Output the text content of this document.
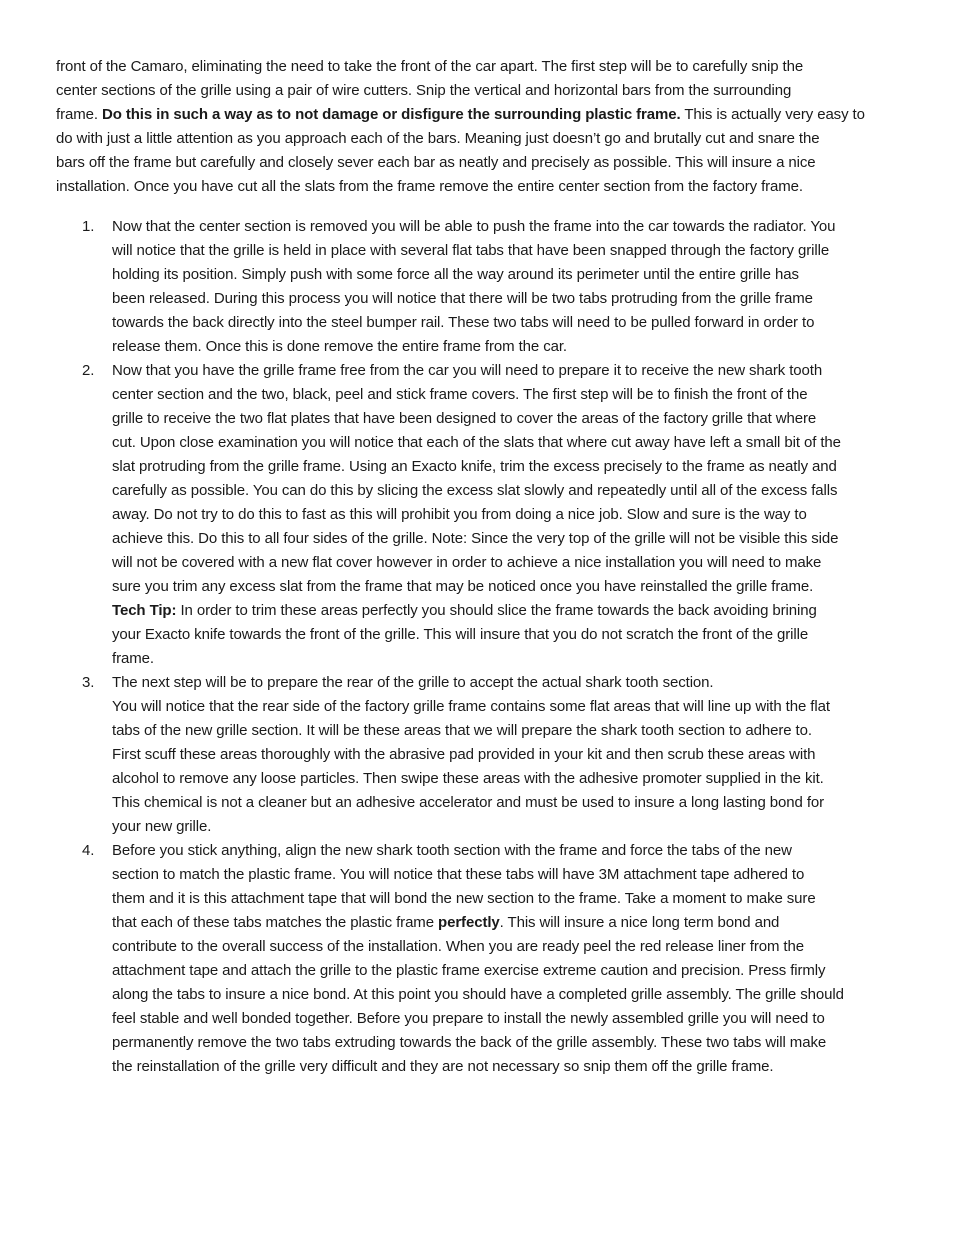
front of the Camaro, eliminating the need to take the front of the car apart. The first step will be to carefully snip the
center sections of the grille using a pair of wire cutters. Snip the vertical and horizontal bars from the surrounding
frame. Do this in such a way as to not damage or disfigure the surrounding plastic frame. This is actually very easy to
do with just a little attention as you approach each of the bars. Meaning just doesn’t go and brutally cut and snare the
bars off the frame but carefully and closely sever each bar as neatly and precisely as possible. This will insure a nice
installation. Once you have cut all the slats from the frame remove the entire center section from the factory frame.
1. Now that the center section is removed you will be able to push the frame into the car towards the radiator. You
will notice that the grille is held in place with several flat tabs that have been snapped through the factory grille
holding its position. Simply push with some force all the way around its perimeter until the entire grille has
been released. During this process you will notice that there will be two tabs protruding from the grille frame
towards the back directly into the steel bumper rail. These two tabs will need to be pulled forward in order to
release them. Once this is done remove the entire frame from the car.
2. Now that you have the grille frame free from the car you will need to prepare it to receive the new shark tooth
center section and the two, black, peel and stick frame covers. The first step will be to finish the front of the
grille to receive the two flat plates that have been designed to cover the areas of the factory grille that where
cut. Upon close examination you will notice that each of the slats that where cut away have left a small bit of the
slat protruding from the grille frame. Using an Exacto knife, trim the excess precisely to the frame as neatly and
carefully as possible. You can do this by slicing the excess slat slowly and repeatedly until all of the excess falls
away. Do not try to do this to fast as this will prohibit you from doing a nice job. Slow and sure is the way to
achieve this. Do this to all four sides of the grille. Note: Since the very top of the grille will not be visible this side
will not be covered with a new flat cover however in order to achieve a nice installation you will need to make
sure you trim any excess slat from the frame that may be noticed once you have reinstalled the grille frame.
Tech Tip: In order to trim these areas perfectly you should slice the frame towards the back avoiding brining
your Exacto knife towards the front of the grille. This will insure that you do not scratch the front of the grille
frame.
3. The next step will be to prepare the rear of the grille to accept the actual shark tooth section.
You will notice that the rear side of the factory grille frame contains some flat areas that will line up with the flat
tabs of the new grille section. It will be these areas that we will prepare the shark tooth section to adhere to.
First scuff these areas thoroughly with the abrasive pad provided in your kit and then scrub these areas with
alcohol to remove any loose particles. Then swipe these areas with the adhesive promoter supplied in the kit.
This chemical is not a cleaner but an adhesive accelerator and must be used to insure a long lasting bond for
your new grille.
4. Before you stick anything, align the new shark tooth section with the frame and force the tabs of the new
section to match the plastic frame. You will notice that these tabs will have 3M attachment tape adhered to
them and it is this attachment tape that will bond the new section to the frame. Take a moment to make sure
that each of these tabs matches the plastic frame perfectly. This will insure a nice long term bond and
contribute to the overall success of the installation. When you are ready peel the red release liner from the
attachment tape and attach the grille to the plastic frame exercise extreme caution and precision. Press firmly
along the tabs to insure a nice bond. At this point you should have a completed grille assembly. The grille should
feel stable and well bonded together. Before you prepare to install the newly assembled grille you will need to
permanently remove the two tabs extruding towards the back of the grille assembly. These two tabs will make
the reinstallation of the grille very difficult and they are not necessary so snip them off the grille frame.
